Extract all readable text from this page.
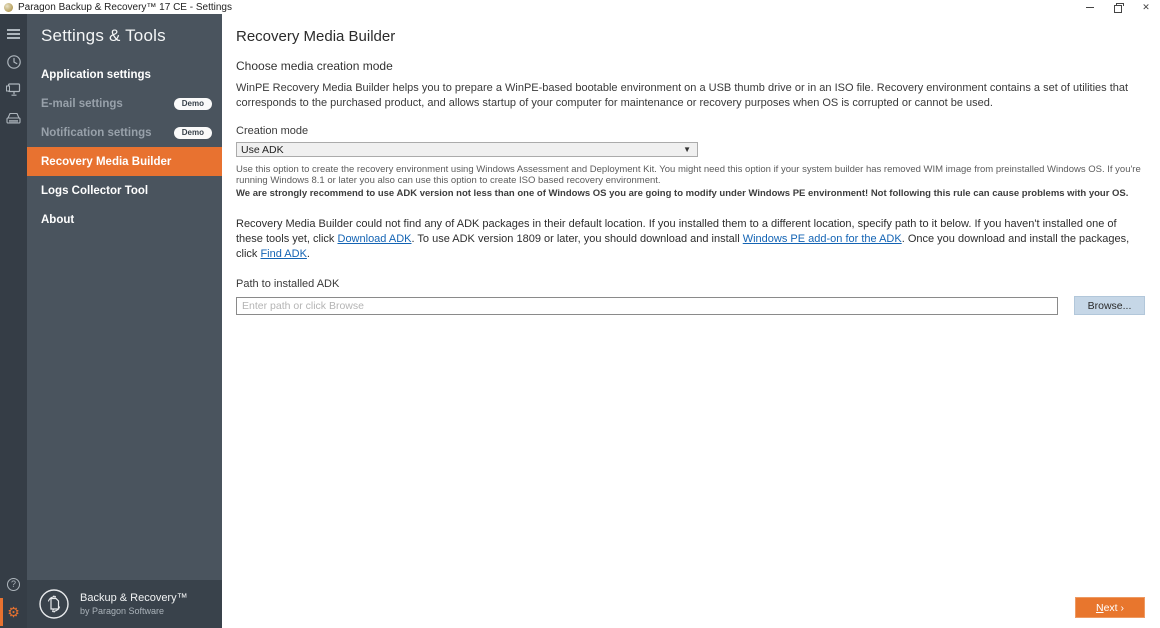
Paragon Backup & Recovery™ 17 CE - Settings	✕
?
⚙
Settings & Tools
Application settings
E-mail settings	Demo
Notification settings	Demo
Recovery Media Builder
Logs Collector Tool
About
Backup & Recovery™
by Paragon Software
Recovery Media Builder
Choose media creation mode
WinPE Recovery Media Builder helps you to prepare a WinPE-based bootable environment on a USB thumb drive or in an ISO file. Recovery environment contains a set of utilities that corresponds to the purchased product, and allows startup of your computer for maintenance or recovery purposes when OS is corrupted or cannot be used.
Creation mode
Use ADK	▼
Use this option to create the recovery environment using Windows Assessment and Deployment Kit. You might need this option if your system builder has removed WIM image from preinstalled Windows OS. If you're running Windows 8.1 or later you also can use this option to create ISO based recovery environment.
We are strongly recommend to use ADK version not less than one of Windows OS you are going to modify under Windows PE environment! Not following this rule can cause problems with your OS.
Recovery Media Builder could not find any of ADK packages in their default location. If you installed them to a different location, specify path to it below. If you haven't installed one of these tools yet, click Download ADK. To use ADK version 1809 or later, you should download and install Windows PE add-on for the ADK. Once you download and install the packages, click Find ADK.
Path to installed ADK
Enter path or click Browse
Browse...
Next ›
